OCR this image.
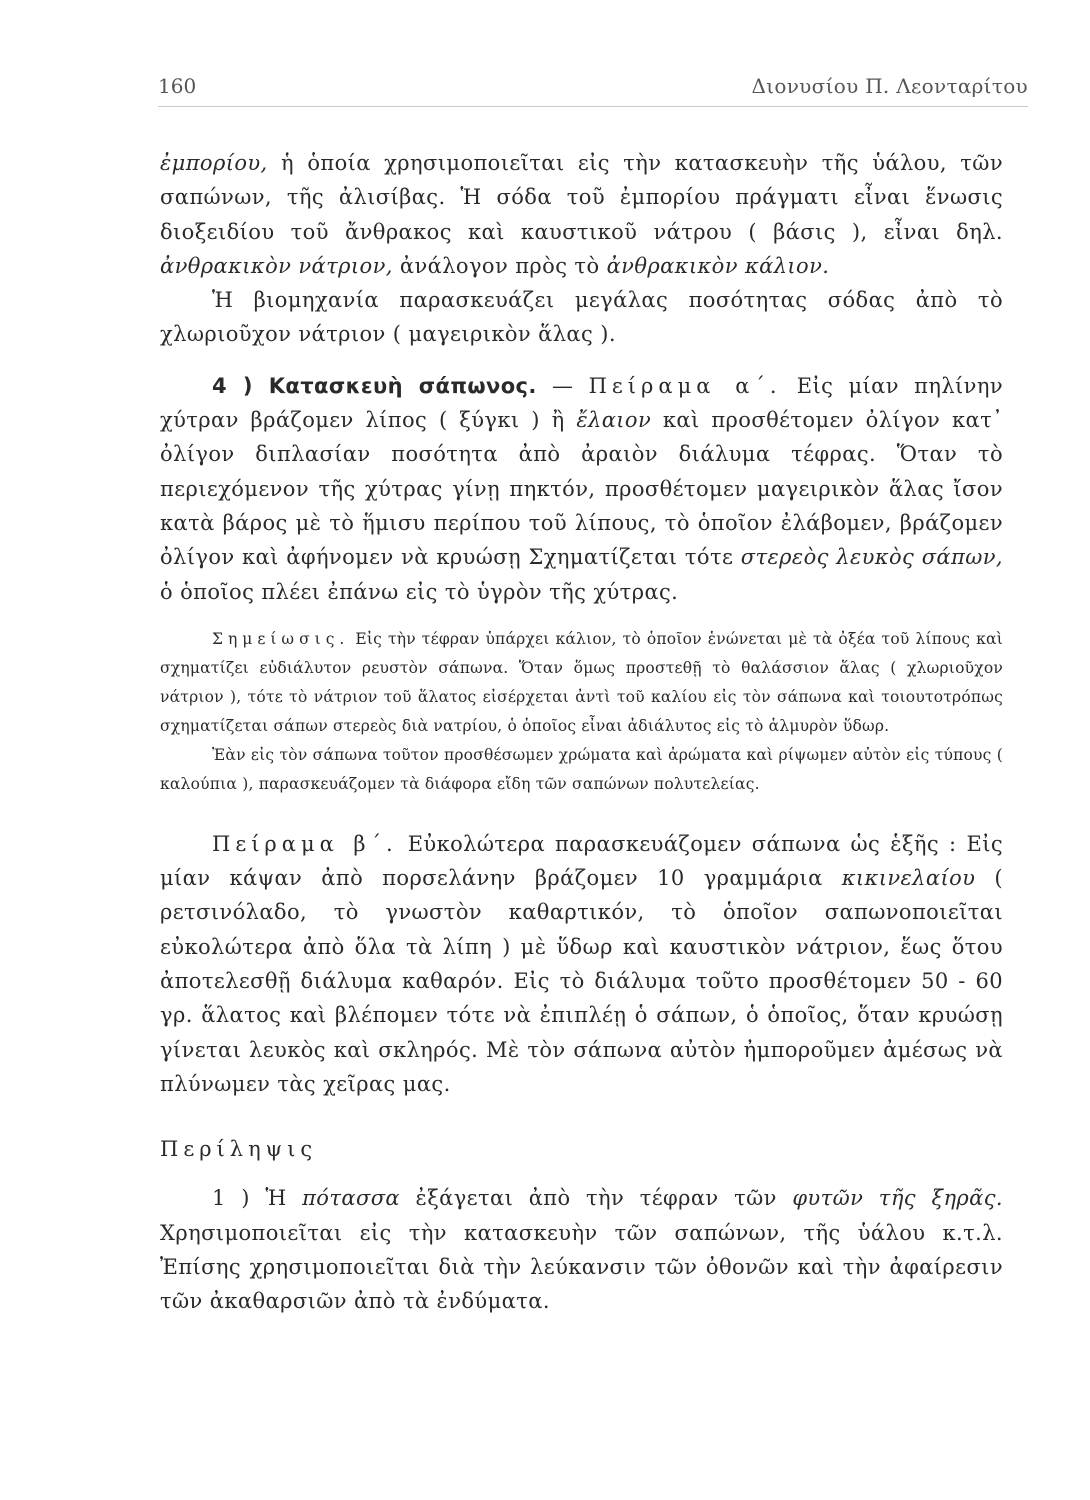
160	Διονυσίου Π. Λεονταρίτου

ἐμπορίου, ἡ ὁποία χρησιμοποιεῖται εἰς τὴν κατασκευὴν τῆς ὑάλου, τῶν σαπώνων, τῆς ἀλισίβας. Ἡ σόδα τοῦ ἐμπορίου πράγματι εἶναι ἕνωσις διοξειδίου τοῦ ἄνθρακος καὶ καυστικοῦ νάτρου ( βάσις ), εἶναι δηλ. ἀνθρακικὸν νάτριον, ἀνάλογον πρὸς τὸ ἀνθρακικὸν κάλιον.

Ἡ βιομηχανία παρασκευάζει μεγάλας ποσότητας σόδας ἀπὸ τὸ χλωριοῦχον νάτριον ( μαγειρικὸν ἅλας ).

4 ) Κατασκευὴ σάπωνος. — Πείραμα α΄. Εἰς μίαν πηλίνην χύτραν βράζομεν λίπος ( ξύγκι ) ἢ ἔλαιον καὶ προσθέτομεν ὀλίγον κατ᾽ ὀλίγον διπλασίαν ποσότητα ἀπὸ ἀραιὸν διάλυμα τέφρας. Ὅταν τὸ περιεχόμενον τῆς χύτρας γίνῃ πηκτόν, προσθέτομεν μαγειρικὸν ἅλας ἴσον κατὰ βάρος μὲ τὸ ἥμισυ περίπου τοῦ λίπους, τὸ ὁποῖον ἐλάβομεν, βράζομεν ὀλίγον καὶ ἀφήνομεν νὰ κρυώσῃ Σχηματίζεται τότε στερεὸς λευκὸς σάπων, ὁ ὁποῖος πλέει ἐπάνω εἰς τὸ ὑγρὸν τῆς χύτρας.

Σημείωσις. Εἰς τὴν τέφραν ὑπάρχει κάλιον, τὸ ὁποῖον ἑνώνεται μὲ τὰ ὀξέα τοῦ λίπους καὶ σχηματίζει εὐδιάλυτον ρευστὸν σάπωνα. Ὅταν ὅμως προστεθῇ τὸ θαλάσσιον ἅλας ( χλωριοῦχον νάτριον ), τότε τὸ νάτριον τοῦ ἅλατος εἰσέρχεται ἀντὶ τοῦ καλίου εἰς τὸν σάπωνα καὶ τοιουτοτρόπως σχηματίζεται σάπων στερεὸς διὰ νατρίου, ὁ ὁποῖος εἶναι ἀδιάλυτος εἰς τὸ ἁλμυρὸν ὕδωρ.

Ἐὰν εἰς τὸν σάπωνα τοῦτον προσθέσωμεν χρώματα καὶ ἀρώματα καὶ ρίψωμεν αὐτὸν εἰς τύπους ( καλούπια ), παρασκευάζομεν τὰ διάφορα εἴδη τῶν σαπώνων πολυτελείας.

Πείραμα β΄. Εὐκολώτερα παρασκευάζομεν σάπωνα ὡς ἑξῆς : Εἰς μίαν κάψαν ἀπὸ πορσελάνην βράζομεν 10 γραμμάρια κικινελαίου ( ρετσινόλαδο, τὸ γνωστὸν καθαρτικόν, τὸ ὁποῖον σαπωνοποιεῖται εὐκολώτερα ἀπὸ ὅλα τὰ λίπη ) μὲ ὕδωρ καὶ καυστικὸν νάτριον, ἕως ὅτου ἀποτελεσθῇ διάλυμα καθαρόν. Εἰς τὸ διάλυμα τοῦτο προσθέτομεν 50 - 60 γρ. ἅλατος καὶ βλέπομεν τότε νὰ ἐπιπλέῃ ὁ σάπων, ὁ ὁποῖος, ὅταν κρυώσῃ γίνεται λευκὸς καὶ σκληρός. Μὲ τὸν σάπωνα αὐτὸν ἠμποροῦμεν ἀμέσως νὰ πλύνωμεν τὰς χεῖρας μας.

Περίληψις

1 ) Ἡ πότασσα ἐξάγεται ἀπὸ τὴν τέφραν τῶν φυτῶν τῆς ξηρᾶς. Χρησιμοποιεῖται εἰς τὴν κατασκευὴν τῶν σαπώνων, τῆς ὑάλου κ.τ.λ. Ἐπίσης χρησιμοποιεῖται διὰ τὴν λεύκανσιν τῶν ὀθονῶν καὶ τὴν ἀφαίρεσιν τῶν ἀκαθαρσιῶν ἀπὸ τὰ ἐνδύματα.
